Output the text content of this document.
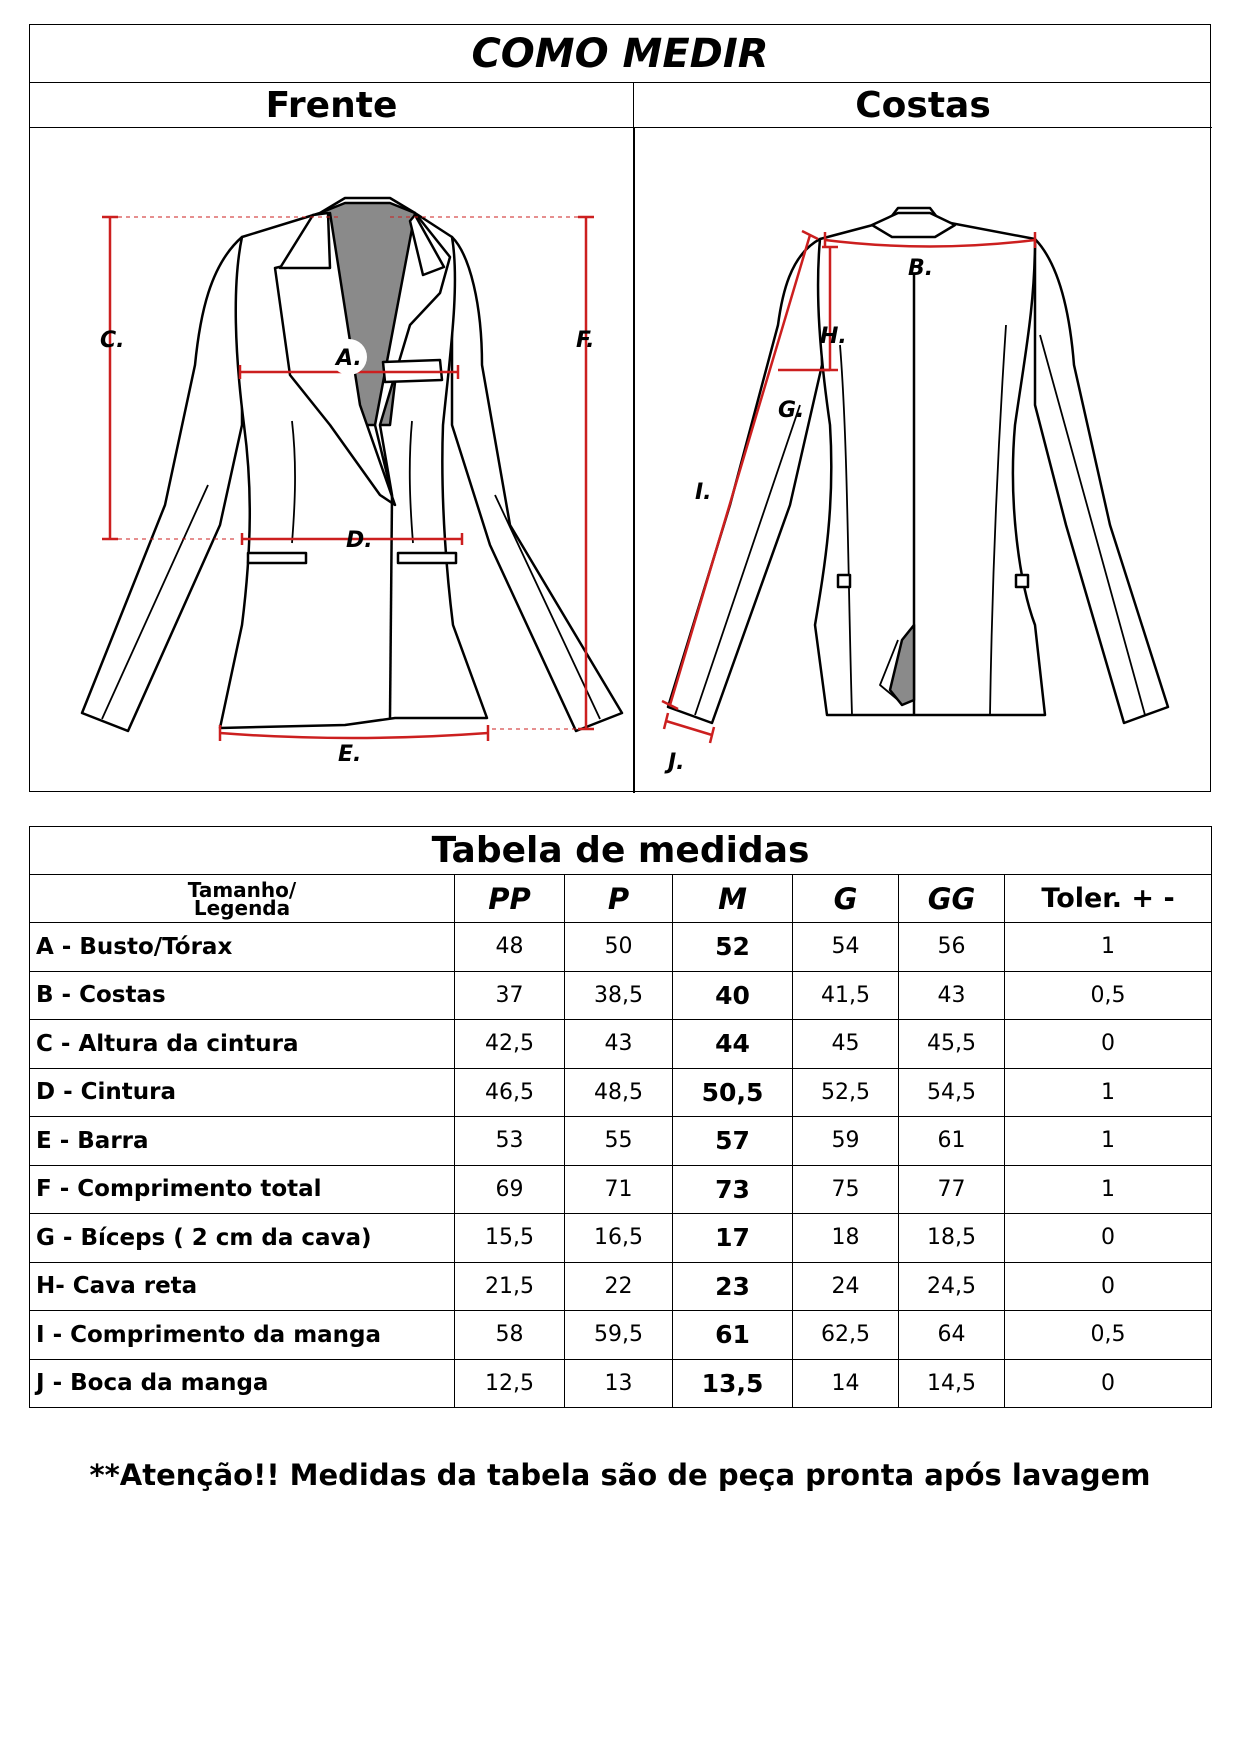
COMO MEDIR
Frente	Costas
A.
C.
D.
E.
F.
B.
H.
G.
I.
J.
Tabela de medidas						

Tamanho/
Legenda	PP	P	M	G	GG	Toler. + -
A - Busto/Tórax	48	50	52	54	56	1
B - Costas	37	38,5	40	41,5	43	0,5
C - Altura da cintura	42,5	43	44	45	45,5	0
D - Cintura	46,5	48,5	50,5	52,5	54,5	1
E - Barra	53	55	57	59	61	1
F - Comprimento total	69	71	73	75	77	1
G - Bíceps ( 2 cm da cava)	15,5	16,5	17	18	18,5	0
H- Cava reta	21,5	22	23	24	24,5	0
I - Comprimento da manga	58	59,5	61	62,5	64	0,5
J - Boca da manga	12,5	13	13,5	14	14,5	0
**Atenção!! Medidas da tabela são de peça pronta após lavagem
